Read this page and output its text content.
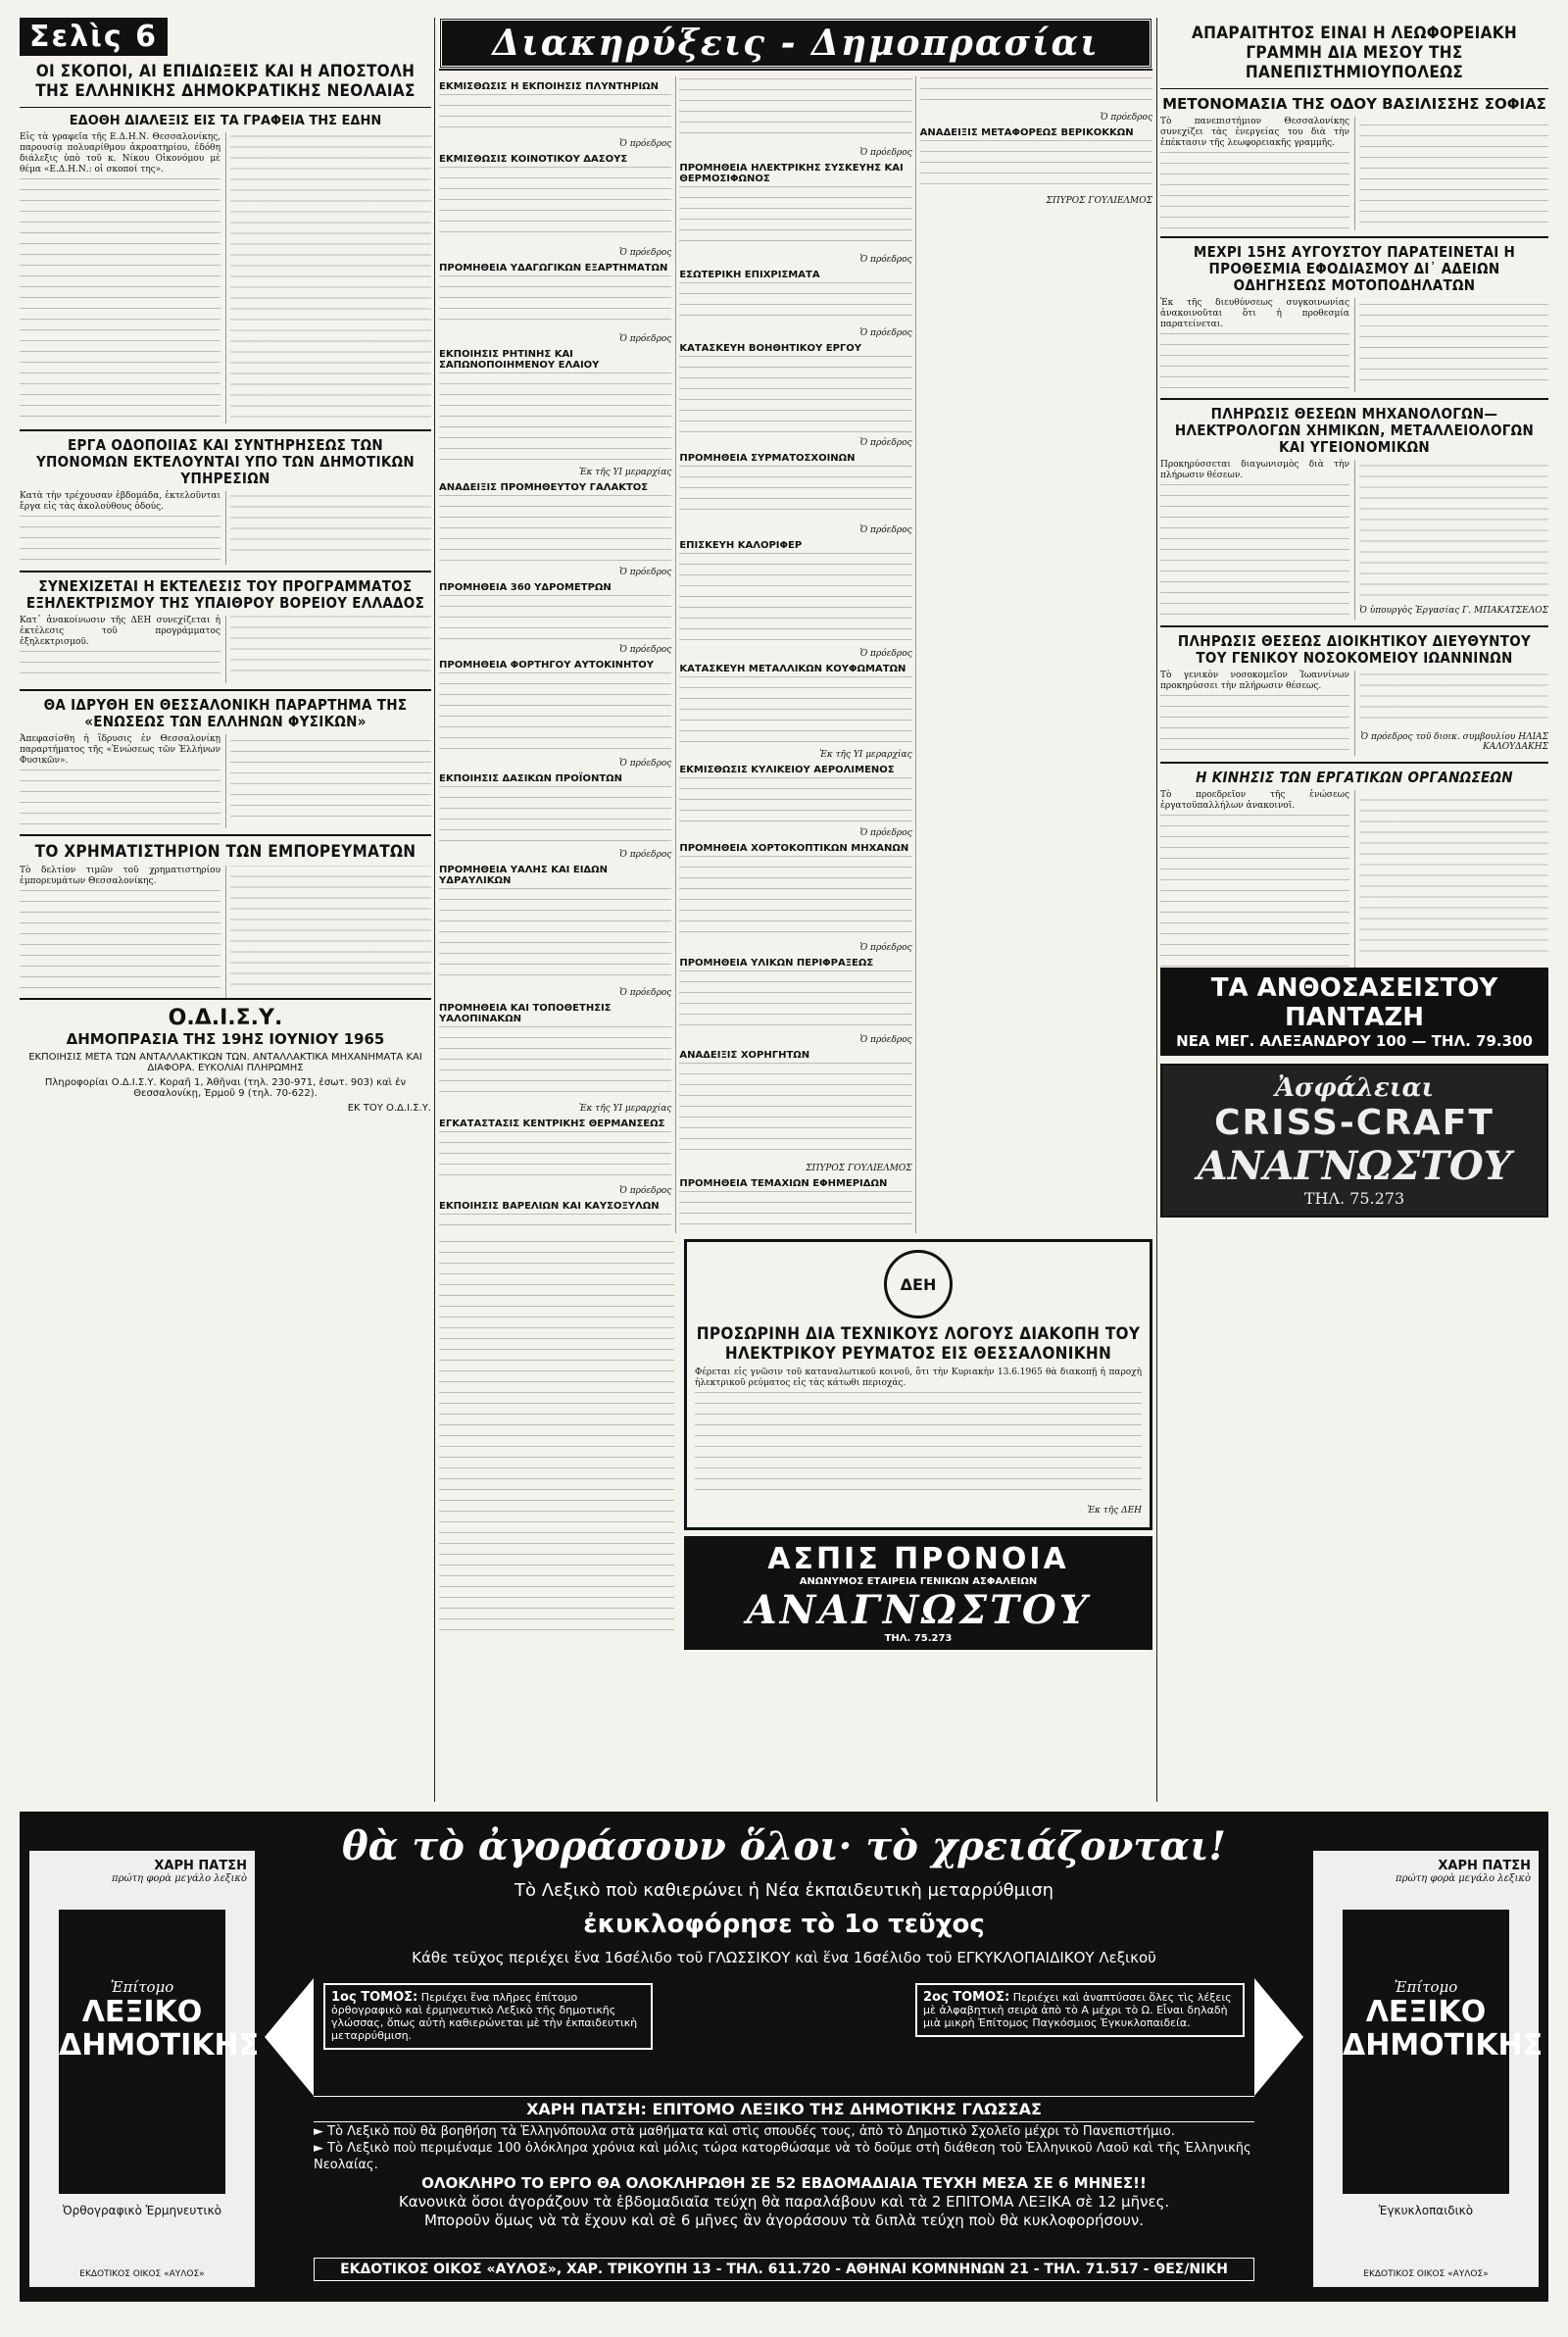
Σελὶς 6
ΟΙ ΣΚΟΠΟΙ, ΑΙ ΕΠΙΔΙΩΞΕΙΣ ΚΑΙ Η ΑΠΟΣΤΟΛΗ ΤΗΣ ΕΛΛΗΝΙΚΗΣ ΔΗΜΟΚΡΑΤΙΚΗΣ ΝΕΟΛΑΙΑΣ
ΕΔΟΘΗ ΔΙΑΛΕΞΙΣ ΕΙΣ ΤΑ ΓΡΑΦΕΙΑ ΤΗΣ ΕΔΗΝ

Εἰς τὰ γραφεῖα τῆς Ε.Δ.Η.Ν. Θεσσαλονίκης, παρουσίᾳ πολυαρίθμου ἀκροατηρίου, ἐδόθη διάλεξις ὑπὸ τοῦ κ. Νίκου Οἰκονόμου μὲ θέμα «Ε.Δ.Η.Ν.: οἱ σκοποί της».

ΕΡΓΑ ΟΔΟΠΟΙΙΑΣ ΚΑΙ ΣΥΝΤΗΡΗΣΕΩΣ ΤΩΝ ΥΠΟΝΟΜΩΝ ΕΚΤΕΛΟΥΝΤΑΙ ΥΠΟ ΤΩΝ ΔΗΜΟΤΙΚΩΝ ΥΠΗΡΕΣΙΩΝ

Κατὰ τὴν τρέχουσαν ἑβδομάδα, ἐκτελοῦνται ἔργα εἰς τὰς ἀκολούθους ὁδούς.

ΣΥΝΕΧΙΖΕΤΑΙ Η ΕΚΤΕΛΕΣΙΣ ΤΟΥ ΠΡΟΓΡΑΜΜΑΤΟΣ ΕΞΗΛΕΚΤΡΙΣΜΟΥ ΤΗΣ ΥΠΑΙΘΡΟΥ ΒΟΡΕΙΟΥ ΕΛΛΑΔΟΣ

Κατ᾽ ἀνακοίνωσιν τῆς ΔΕΗ συνεχίζεται ἡ ἐκτέλεσις τοῦ προγράμματος ἐξηλεκτρισμοῦ.

ΘΑ ΙΔΡΥΘΗ ΕΝ ΘΕΣΣΑΛΟΝΙΚΗ ΠΑΡΑΡΤΗΜΑ ΤΗΣ «ΕΝΩΣΕΩΣ ΤΩΝ ΕΛΛΗΝΩΝ ΦΥΣΙΚΩΝ»

Ἀπεφασίσθη ἡ ἵδρυσις ἐν Θεσσαλονίκῃ παραρτήματος τῆς «Ἑνώσεως τῶν Ἑλλήνων Φυσικῶν».

ΤΟ ΧΡΗΜΑΤΙΣΤΗΡΙΟΝ ΤΩΝ ΕΜΠΟΡΕΥΜΑΤΩΝ

Τὸ δελτίον τιμῶν τοῦ χρηματιστηρίου ἐμπορευμάτων Θεσσαλονίκης.

Ο.Δ.Ι.Σ.Υ.
ΔΗΜΟΠΡΑΣΙΑ ΤΗΣ 19ΗΣ ΙΟΥΝΙΟΥ 1965
ΕΚΠΟΙΗΣΙΣ ΜΕΤΑ ΤΩΝ ΑΝΤΑΛΛΑΚΤΙΚΩΝ ΤΩΝ. ΑΝΤΑΛΛΑΚΤΙΚΑ ΜΗΧΑΝΗΜΑΤΑ ΚΑΙ ΔΙΑΦΟΡΑ. ΕΥΚΟΛΙΑΙ ΠΛΗΡΩΜΗΣ
Πληροφορίαι Ο.Δ.Ι.Σ.Υ. Κοραῆ 1, Ἀθῆναι (τηλ. 230-971, ἐσωτ. 903) καὶ ἐν Θεσσαλονίκῃ, Ἑρμοῦ 9 (τηλ. 70-622).
ΕΚ ΤΟΥ Ο.Δ.Ι.Σ.Υ.
Διακηρύξεις - Δημοπρασίαι
ΕΚΜΙΣΘΩΣΙΣ Η ΕΚΠΟΙΗΣΙΣ ΠΛΥΝΤΗΡΙΩΝ
Ὁ πρόεδρος
ΕΚΜΙΣΘΩΣΙΣ ΚΟΙΝΟΤΙΚΟΥ ΔΑΣΟΥΣ
Ὁ πρόεδρος
ΠΡΟΜΗΘΕΙΑ ΥΔΑΓΩΓΙΚΩΝ ΕΞΑΡΤΗΜΑΤΩΝ
Ὁ πρόεδρος
ΕΚΠΟΙΗΣΙΣ ΡΗΤΙΝΗΣ ΚΑΙ ΣΑΠΩΝΟΠΟΙΗΜΕΝΟΥ ΕΛΑΙΟΥ
Ἐκ τῆς ΥΙ μεραρχίας
ΑΝΑΔΕΙΞΙΣ ΠΡΟΜΗΘΕΥΤΟΥ ΓΑΛΑΚΤΟΣ
Ὁ πρόεδρος
ΠΡΟΜΗΘΕΙΑ 360 ΥΔΡΟΜΕΤΡΩΝ
Ὁ πρόεδρος
ΠΡΟΜΗΘΕΙΑ ΦΟΡΤΗΓΟΥ ΑΥΤΟΚΙΝΗΤΟΥ
Ὁ πρόεδρος
ΕΚΠΟΙΗΣΙΣ ΔΑΣΙΚΩΝ ΠΡΟΪΟΝΤΩΝ
Ὁ πρόεδρος
ΠΡΟΜΗΘΕΙΑ ΥΑΛΗΣ ΚΑΙ ΕΙΔΩΝ ΥΔΡΑΥΛΙΚΩΝ
Ὁ πρόεδρος
ΠΡΟΜΗΘΕΙΑ ΚΑΙ ΤΟΠΟΘΕΤΗΣΙΣ ΥΑΛΟΠΙΝΑΚΩΝ
Ἐκ τῆς ΥΙ μεραρχίας
ΕΓΚΑΤΑΣΤΑΣΙΣ ΚΕΝΤΡΙΚΗΣ ΘΕΡΜΑΝΣΕΩΣ
Ὁ πρόεδρος
ΕΚΠΟΙΗΣΙΣ ΒΑΡΕΛΙΩΝ ΚΑΙ ΚΑΥΣΟΞΥΛΩΝ
Ὁ πρόεδρος
ΠΡΟΜΗΘΕΙΑ ΗΛΕΚΤΡΙΚΗΣ ΣΥΣΚΕΥΗΣ ΚΑΙ ΘΕΡΜΟΣΙΦΩΝΟΣ
Ὁ πρόεδρος
ΕΣΩΤΕΡΙΚΗ ΕΠΙΧΡΙΣΜΑΤΑ
Ὁ πρόεδρος
ΚΑΤΑΣΚΕΥΗ ΒΟΗΘΗΤΙΚΟΥ ΕΡΓΟΥ
Ὁ πρόεδρος
ΠΡΟΜΗΘΕΙΑ ΣΥΡΜΑΤΟΣΧΟΙΝΩΝ
Ὁ πρόεδρος
ΕΠΙΣΚΕΥΗ ΚΑΛΟΡΙΦΕΡ
Ὁ πρόεδρος
ΚΑΤΑΣΚΕΥΗ ΜΕΤΑΛΛΙΚΩΝ ΚΟΥΦΩΜΑΤΩΝ
Ἐκ τῆς ΥΙ μεραρχίας
ΕΚΜΙΣΘΩΣΙΣ ΚΥΛΙΚΕΙΟΥ ΑΕΡΟΛΙΜΕΝΟΣ
Ὁ πρόεδρος
ΠΡΟΜΗΘΕΙΑ ΧΟΡΤΟΚΟΠΤΙΚΩΝ ΜΗΧΑΝΩΝ
Ὁ πρόεδρος
ΠΡΟΜΗΘΕΙΑ ΥΛΙΚΩΝ ΠΕΡΙΦΡΑΞΕΩΣ
Ὁ πρόεδρος
ΑΝΑΔΕΙΞΙΣ ΧΟΡΗΓΗΤΩΝ
ΣΠΥΡΟΣ ΓΟΥΛΙΕΛΜΟΣ
ΠΡΟΜΗΘΕΙΑ ΤΕΜΑΧΙΩΝ ΕΦΗΜΕΡΙΔΩΝ
Ὁ πρόεδρος
ΑΝΑΔΕΙΞΙΣ ΜΕΤΑΦΟΡΕΩΣ ΒΕΡΙΚΟΚΚΩΝ
ΣΠΥΡΟΣ ΓΟΥΛΙΕΛΜΟΣ
ΔΕΗ
ΠΡΟΣΩΡΙΝΗ ΔΙΑ ΤΕΧΝΙΚΟΥΣ ΛΟΓΟΥΣ ΔΙΑΚΟΠΗ ΤΟΥ ΗΛΕΚΤΡΙΚΟΥ ΡΕΥΜΑΤΟΣ ΕΙΣ ΘΕΣΣΑΛΟΝΙΚΗΝ

Φέρεται εἰς γνῶσιν τοῦ καταναλωτικοῦ κοινοῦ, ὅτι τὴν Κυριακὴν 13.6.1965 θὰ διακοπῇ ἡ παροχὴ ἠλεκτρικοῦ ρεύματος εἰς τὰς κάτωθι περιοχάς.

Ἐκ τῆς ΔΕΗ
ΑΣΠΙΣ ΠΡΟΝΟΙΑ
ΑΝΩΝΥΜΟΣ ΕΤΑΙΡΕΙΑ ΓΕΝΙΚΩΝ ΑΣΦΑΛΕΙΩΝ
ΑΝΑΓΝΩΣΤΟΥ
ΤΗΛ. 75.273
ΑΠΑΡΑΙΤΗΤΟΣ ΕΙΝΑΙ Η ΛΕΩΦΟΡΕΙΑΚΗ ΓΡΑΜΜΗ ΔΙΑ ΜΕΣΟΥ ΤΗΣ ΠΑΝΕΠΙΣΤΗΜΙΟΥΠΟΛΕΩΣ
ΜΕΤΟΝΟΜΑΣΙΑ ΤΗΣ ΟΔΟΥ ΒΑΣΙΛΙΣΣΗΣ ΣΟΦΙΑΣ

Τὸ πανεπιστήμιον Θεσσαλονίκης συνεχίζει τὰς ἐνεργείας του διὰ τὴν ἐπέκτασιν τῆς λεωφορειακῆς γραμμῆς.

ΜΕΧΡΙ 15ΗΣ ΑΥΓΟΥΣΤΟΥ ΠΑΡΑΤΕΙΝΕΤΑΙ Η ΠΡΟΘΕΣΜΙΑ ΕΦΟΔΙΑΣΜΟΥ ΔΙ᾽ ΑΔΕΙΩΝ ΟΔΗΓΗΣΕΩΣ ΜΟΤΟΠΟΔΗΛΑΤΩΝ

Ἐκ τῆς διευθύνσεως συγκοινωνίας ἀνακοινοῦται ὅτι ἡ προθεσμία παρατείνεται.

ΠΛΗΡΩΣΙΣ ΘΕΣΕΩΝ ΜΗΧΑΝΟΛΟΓΩΝ—ΗΛΕΚΤΡΟΛΟΓΩΝ ΧΗΜΙΚΩΝ, ΜΕΤΑΛΛΕΙΟΛΟΓΩΝ ΚΑΙ ΥΓΕΙΟΝΟΜΙΚΩΝ

Προκηρύσσεται διαγωνισμὸς διὰ τὴν πλήρωσιν θέσεων.

Ὁ ὑπουργὸς Ἐργασίας Γ. ΜΠΑΚΑΤΣΕΛΟΣ
ΠΛΗΡΩΣΙΣ ΘΕΣΕΩΣ ΔΙΟΙΚΗΤΙΚΟΥ ΔΙΕΥΘΥΝΤΟΥ ΤΟΥ ΓΕΝΙΚΟΥ ΝΟΣΟΚΟΜΕΙΟΥ ΙΩΑΝΝΙΝΩΝ

Τὸ γενικὸν νοσοκομεῖον Ἰωαννίνων προκηρύσσει τὴν πλήρωσιν θέσεως.

Ὁ πρόεδρος τοῦ διοικ. συμβουλίου ΗΛΙΑΣ ΚΑΛΟΥΔΑΚΗΣ
Η ΚΙΝΗΣΙΣ ΤΩΝ ΕΡΓΑΤΙΚΩΝ ΟΡΓΑΝΩΣΕΩΝ

Τὸ προεδρεῖον τῆς ἑνώσεως ἐργατοϋπαλλήλων ἀνακοινοῖ.

ΤΑ ΑΝΘΟΣΑΣΕΙΣΤΟΥ ΠΑΝΤΑΖΗ
ΝΕΑ ΜΕΓ. ΑΛΕΞΑΝΔΡΟΥ 100 — ΤΗΛ. 79.300
Ἀσφάλειαι
CRISS-CRAFT
ΑΝΑΓΝΩΣΤΟΥ
ΤΗΛ. 75.273
ΧΑΡΗ ΠΑΤΣΗ
πρώτη φορὰ μεγάλο λεξικὸ
Ἐπίτομο
ΛΕΞΙΚΟ
ΔΗΜΟΤΙΚΗΣ
Ὀρθογραφικὸ Ἑρμηνευτικὸ
ΕΚΔΟΤΙΚΟΣ ΟΙΚΟΣ «ΑΥΛΟΣ»
ΧΑΡΗ ΠΑΤΣΗ
πρώτη φορὰ μεγάλο λεξικὸ
Ἐπίτομο
ΛΕΞΙΚΟ
ΔΗΜΟΤΙΚΗΣ
Ἐγκυκλοπαιδικὸ
ΕΚΔΟΤΙΚΟΣ ΟΙΚΟΣ «ΑΥΛΟΣ»
θὰ τὸ ἀγοράσουν ὅλοι· τὸ χρειάζονται!
Τὸ Λεξικὸ ποὺ καθιερώνει ἡ Νέα ἐκπαιδευτικὴ μεταρρύθμιση
ἐκυκλοφόρησε τὸ 1ο τεῦχος
Κάθε τεῦχος περιέχει ἕνα 16σέλιδο τοῦ ΓΛΩΣΣΙΚΟΥ καὶ ἕνα 16σέλιδο τοῦ ΕΓΚΥΚΛΟΠΑΙΔΙΚΟΥ Λεξικοῦ
1ος ΤΟΜΟΣ: Περιέχει ἕνα πλῆρες ἐπίτομο ὀρθογραφικὸ καὶ ἑρμηνευτικὸ Λεξικὸ τῆς δημοτικῆς γλώσσας, ὅπως αὐτὴ καθιερώνεται μὲ τὴν ἐκπαιδευτικὴ μεταρρύθμιση.
2ος ΤΟΜΟΣ: Περιέχει καὶ ἀναπτύσσει ὅλες τὶς λέξεις μὲ ἀλφαβητικὴ σειρὰ ἀπὸ τὸ Α μέχρι τὸ Ω. Εἶναι δηλαδὴ μιὰ μικρὴ Ἐπίτομος Παγκόσμιος Ἐγκυκλοπαιδεία.
ΧΑΡΗ ΠΑΤΣΗ: ΕΠΙΤΟΜΟ ΛΕΞΙΚΟ ΤΗΣ ΔΗΜΟΤΙΚΗΣ ΓΛΩΣΣΑΣ
► Τὸ Λεξικὸ ποὺ θὰ βοηθήση τὰ Ἑλληνόπουλα στὰ μαθήματα καὶ στὶς σπουδές τους, ἀπὸ τὸ Δημοτικὸ Σχολεῖο μέχρι τὸ Πανεπιστήμιο.
► Τὸ Λεξικὸ ποὺ περιμέναμε 100 ὁλόκληρα χρόνια καὶ μόλις τώρα κατορθώσαμε νὰ τὸ δοῦμε στὴ διάθεση τοῦ Ἑλληνικοῦ Λαοῦ καὶ τῆς Ἑλληνικῆς Νεολαίας.
ΟΛΟΚΛΗΡΟ ΤΟ ΕΡΓΟ ΘΑ ΟΛΟΚΛΗΡΩΘΗ ΣΕ 52 ΕΒΔΟΜΑΔΙΑΙΑ ΤΕΥΧΗ ΜΕΣΑ ΣΕ 6 ΜΗΝΕΣ!!
Κανονικὰ ὅσοι ἀγοράζουν τὰ ἑβδομαδιαῖα τεύχη θὰ παραλάβουν καὶ τὰ 2 ΕΠΙΤΟΜΑ ΛΕΞΙΚΑ σὲ 12 μῆνες.
Μποροῦν ὅμως νὰ τὰ ἔχουν καὶ σὲ 6 μῆνες ἂν ἀγοράσουν τὰ διπλὰ τεύχη ποὺ θὰ κυκλοφορήσουν.
ΕΚΔΟΤΙΚΟΣ ΟΙΚΟΣ «ΑΥΛΟΣ», ΧΑΡ. ΤΡΙΚΟΥΠΗ 13 - ΤΗΛ. 611.720 - ΑΘΗΝΑΙ ΚΟΜΝΗΝΩΝ 21 - ΤΗΛ. 71.517 - ΘΕΣ/ΝΙΚΗ
